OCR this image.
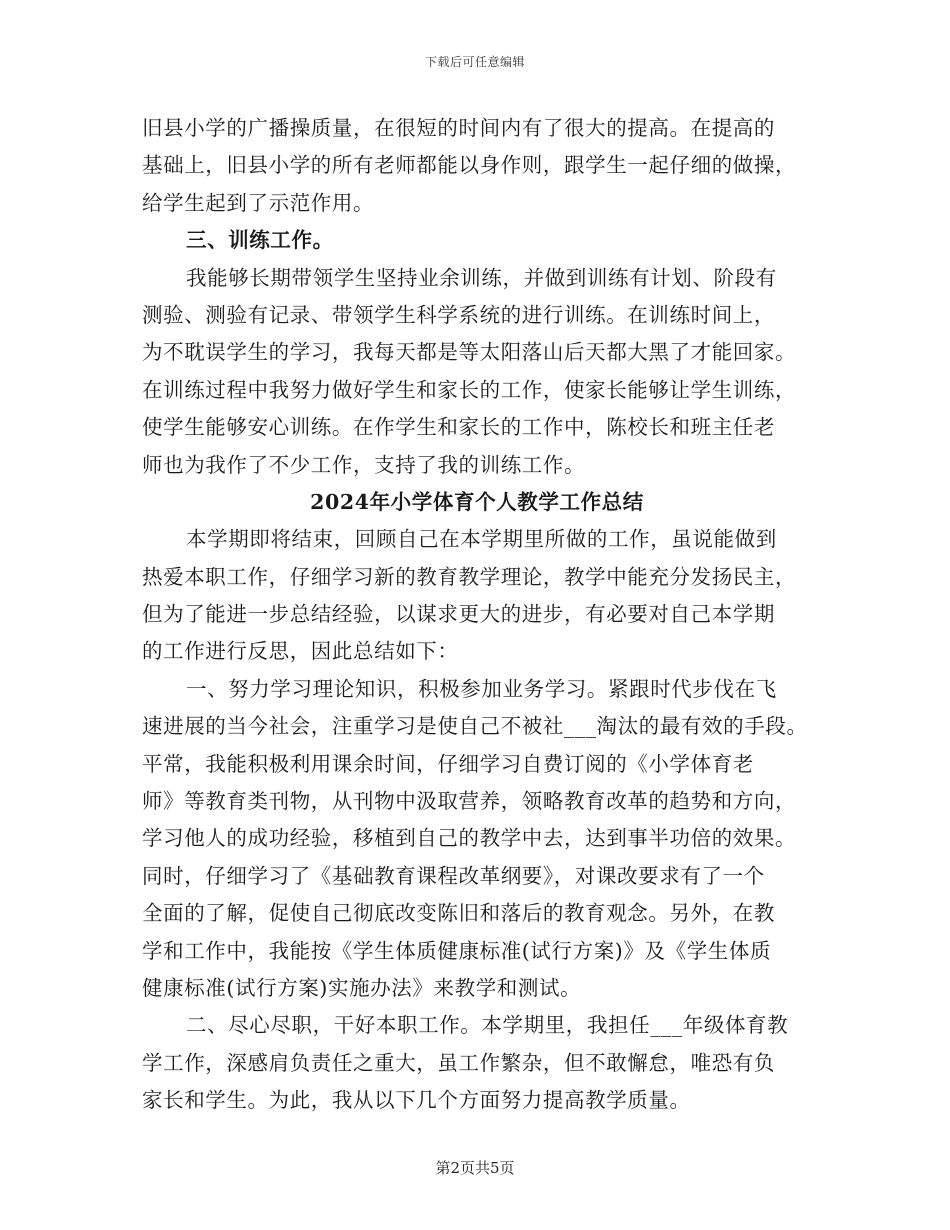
下载后可任意编辑
旧县小学的广播操质量，在很短的时间内有了很大的提高。在提高的
基础上，旧县小学的所有老师都能以身作则，跟学生一起仔细的做操，
给学生起到了示范作用。
三、训练工作。
我能够长期带领学生坚持业余训练，并做到训练有计划、阶段有
测验、测验有记录、带领学生科学系统的进行训练。在训练时间上，
为不耽误学生的学习，我每天都是等太阳落山后天都大黑了才能回家。
在训练过程中我努力做好学生和家长的工作，使家长能够让学生训练，
使学生能够安心训练。在作学生和家长的工作中，陈校长和班主任老
师也为我作了不少工作，支持了我的训练工作。
2024年小学体育个人教学工作总结
本学期即将结束，回顾自己在本学期里所做的工作，虽说能做到
热爱本职工作，仔细学习新的教育教学理论，教学中能充分发扬民主，
但为了能进一步总结经验，以谋求更大的进步，有必要对自己本学期
的工作进行反思，因此总结如下：
一、努力学习理论知识，积极参加业务学习。紧跟时代步伐在飞
速进展的当今社会，注重学习是使自己不被社___淘汰的最有效的手段。
平常，我能积极利用课余时间，仔细学习自费订阅的《小学体育老
师》等教育类刊物，从刊物中汲取营养，领略教育改革的趋势和方向，
学习他人的成功经验，移植到自己的教学中去，达到事半功倍的效果。
同时，仔细学习了《基础教育课程改革纲要》，对课改要求有了一个
全面的了解，促使自己彻底改变陈旧和落后的教育观念。另外，在教
学和工作中，我能按《学生体质健康标准(试行方案)》及《学生体质
健康标准(试行方案)实施办法》来教学和测试。
二、尽心尽职，干好本职工作。本学期里，我担任___年级体育教
学工作，深感肩负责任之重大，虽工作繁杂，但不敢懈怠，唯恐有负
家长和学生。为此，我从以下几个方面努力提高教学质量。
第2页共5页
